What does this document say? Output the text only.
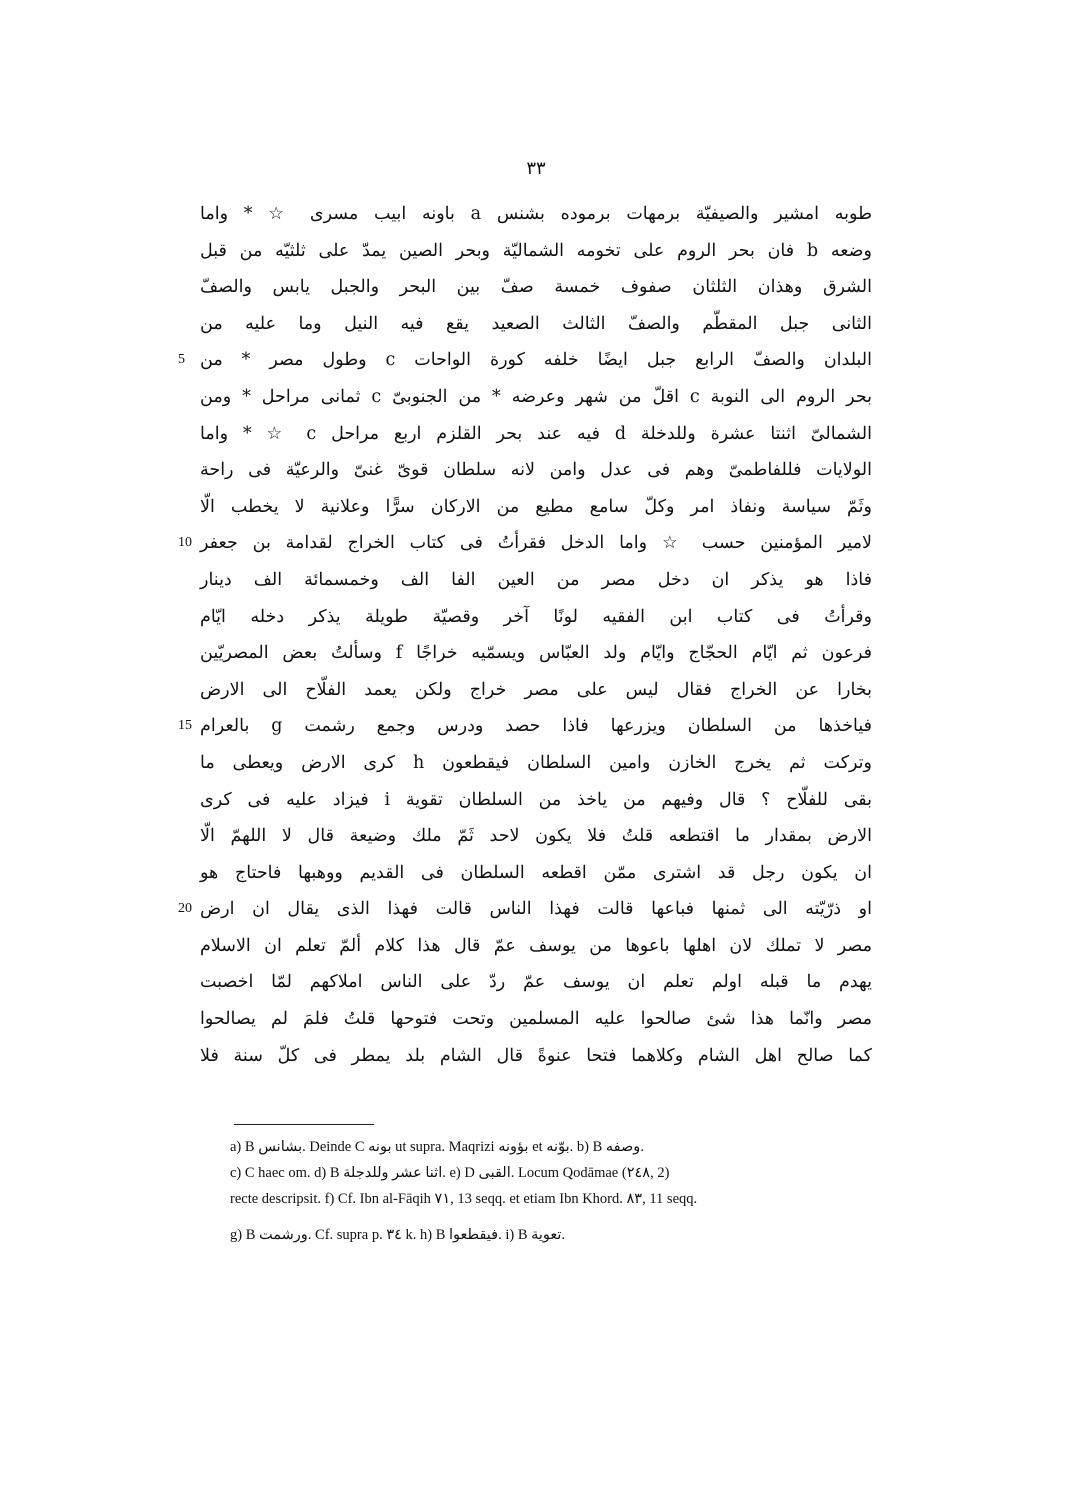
٣٣
طوبه امشير والصيفيّة برمهات برموده بشنس a باونه ابيب مسرى ☆ * واما
وضعه b فان بحر الروم على تخومه الشماليّة وبحر الصين يمدّ على ثلثيّه من قبل
الشرق وهذان الثلثان صفوف خمسة صفّ بين البحر والجبل يابس والصفّ
الثانى جبل المقطّم والصفّ الثالث الصعيد يقع فيه النيل وما عليه من
5 البلدان والصفّ الرابع جبل ايضًا خلفه كورة الواحات c وطول مصر * من
بحر الروم الى النوبة c اقلّ من شهر وعرضه * من الجنوبىّ c ثمانى مراحل * ومن
الشمالىّ اثنتا عشرة وللدخلة d فيه عند بحر القلزم اربع مراحل c ☆ * واما
الولايات فللفاطمىّ وهم فى عدل وامن لانه سلطان قوىّ غنىّ والرعيّة فى راحة
وثَمّ سياسة ونفاذ امر وكلّ سامع مطيع من الاركان سرًّا وعلانية لا يخطب الّا
10 لامير المؤمنين حسب ☆ واما الدخل فقرأتُ فى كتاب الخراج لقدامة بن جعفر
فاذا هو يذكر ان دخل مصر من العين الفا الف وخمسمائة الف دينار
وقرأتُ فى كتاب ابن الفقيه لونًا آخر وقصيّة طويلة يذكر دخله ايّام
فرعون ثم ايّام الحجّاج وايّام ولد العبّاس ويسمّيه خراجًا f وسألتُ بعض المصريّين
بخارا عن الخراج فقال ليس على مصر خراج ولكن يعمد الفلّاح الى الارض
15 فياخذها من السلطان ويزرعها فاذا حصد ودرس وجمع رشمت g بالعرام
وتركت ثم يخرج الخازن وامين السلطان فيقطعون h كرى الارض ويعطى ما
بقى للفلّاح ؟ قال وفيهم من ياخذ من السلطان تقوية i فيزاد عليه فى كرى
الارض بمقدار ما اقتطعه قلتُ فلا يكون لاحد ثَمّ ملك وضيعة قال لا اللهمّ الّا
ان يكون رجل قد اشترى ممّن اقطعه السلطان فى القديم ووهبها فاحتاج هو
20 او ذرّيّته الى ثمنها فباعها قالت فهذا الناس قالت فهذا الذى يقال ان ارض
مصر لا تملك لان اهلها باعوها من يوسف عمّ قال هذا كلام ألمّ تعلم ان الاسلام
يهدم ما قبله اولم تعلم ان يوسف عمّ ردّ على الناس املاكهم لمّا اخصبت
مصر وانّما هذا شئ صالحوا عليه المسلمين وتحت فتوحها قلتُ فلمَ لم يصالحوا
كما صالح اهل الشام وكلاهما فتحا عنوةً قال الشام بلد يمطر فى كلّ سنة فلا
a) B بشانس. Deinde C بونه ut supra. Maqrizi بؤونه et بوّنه. b) B وصفه.
c) C haec om. d) B اثنا عشر وللدجلة. e) D القبى. Locum Qodāmae (٢٤٨, 2)
recte descripsit. f) Cf. Ibn al-Fāqih ٧١, 13 seqq. et etiam Ibn Khord. ٨٣, 11 seqq.
g) B ورشمت. Cf. supra p. ٣٤ k. h) B فيقطعوا. i) B تعوية.
